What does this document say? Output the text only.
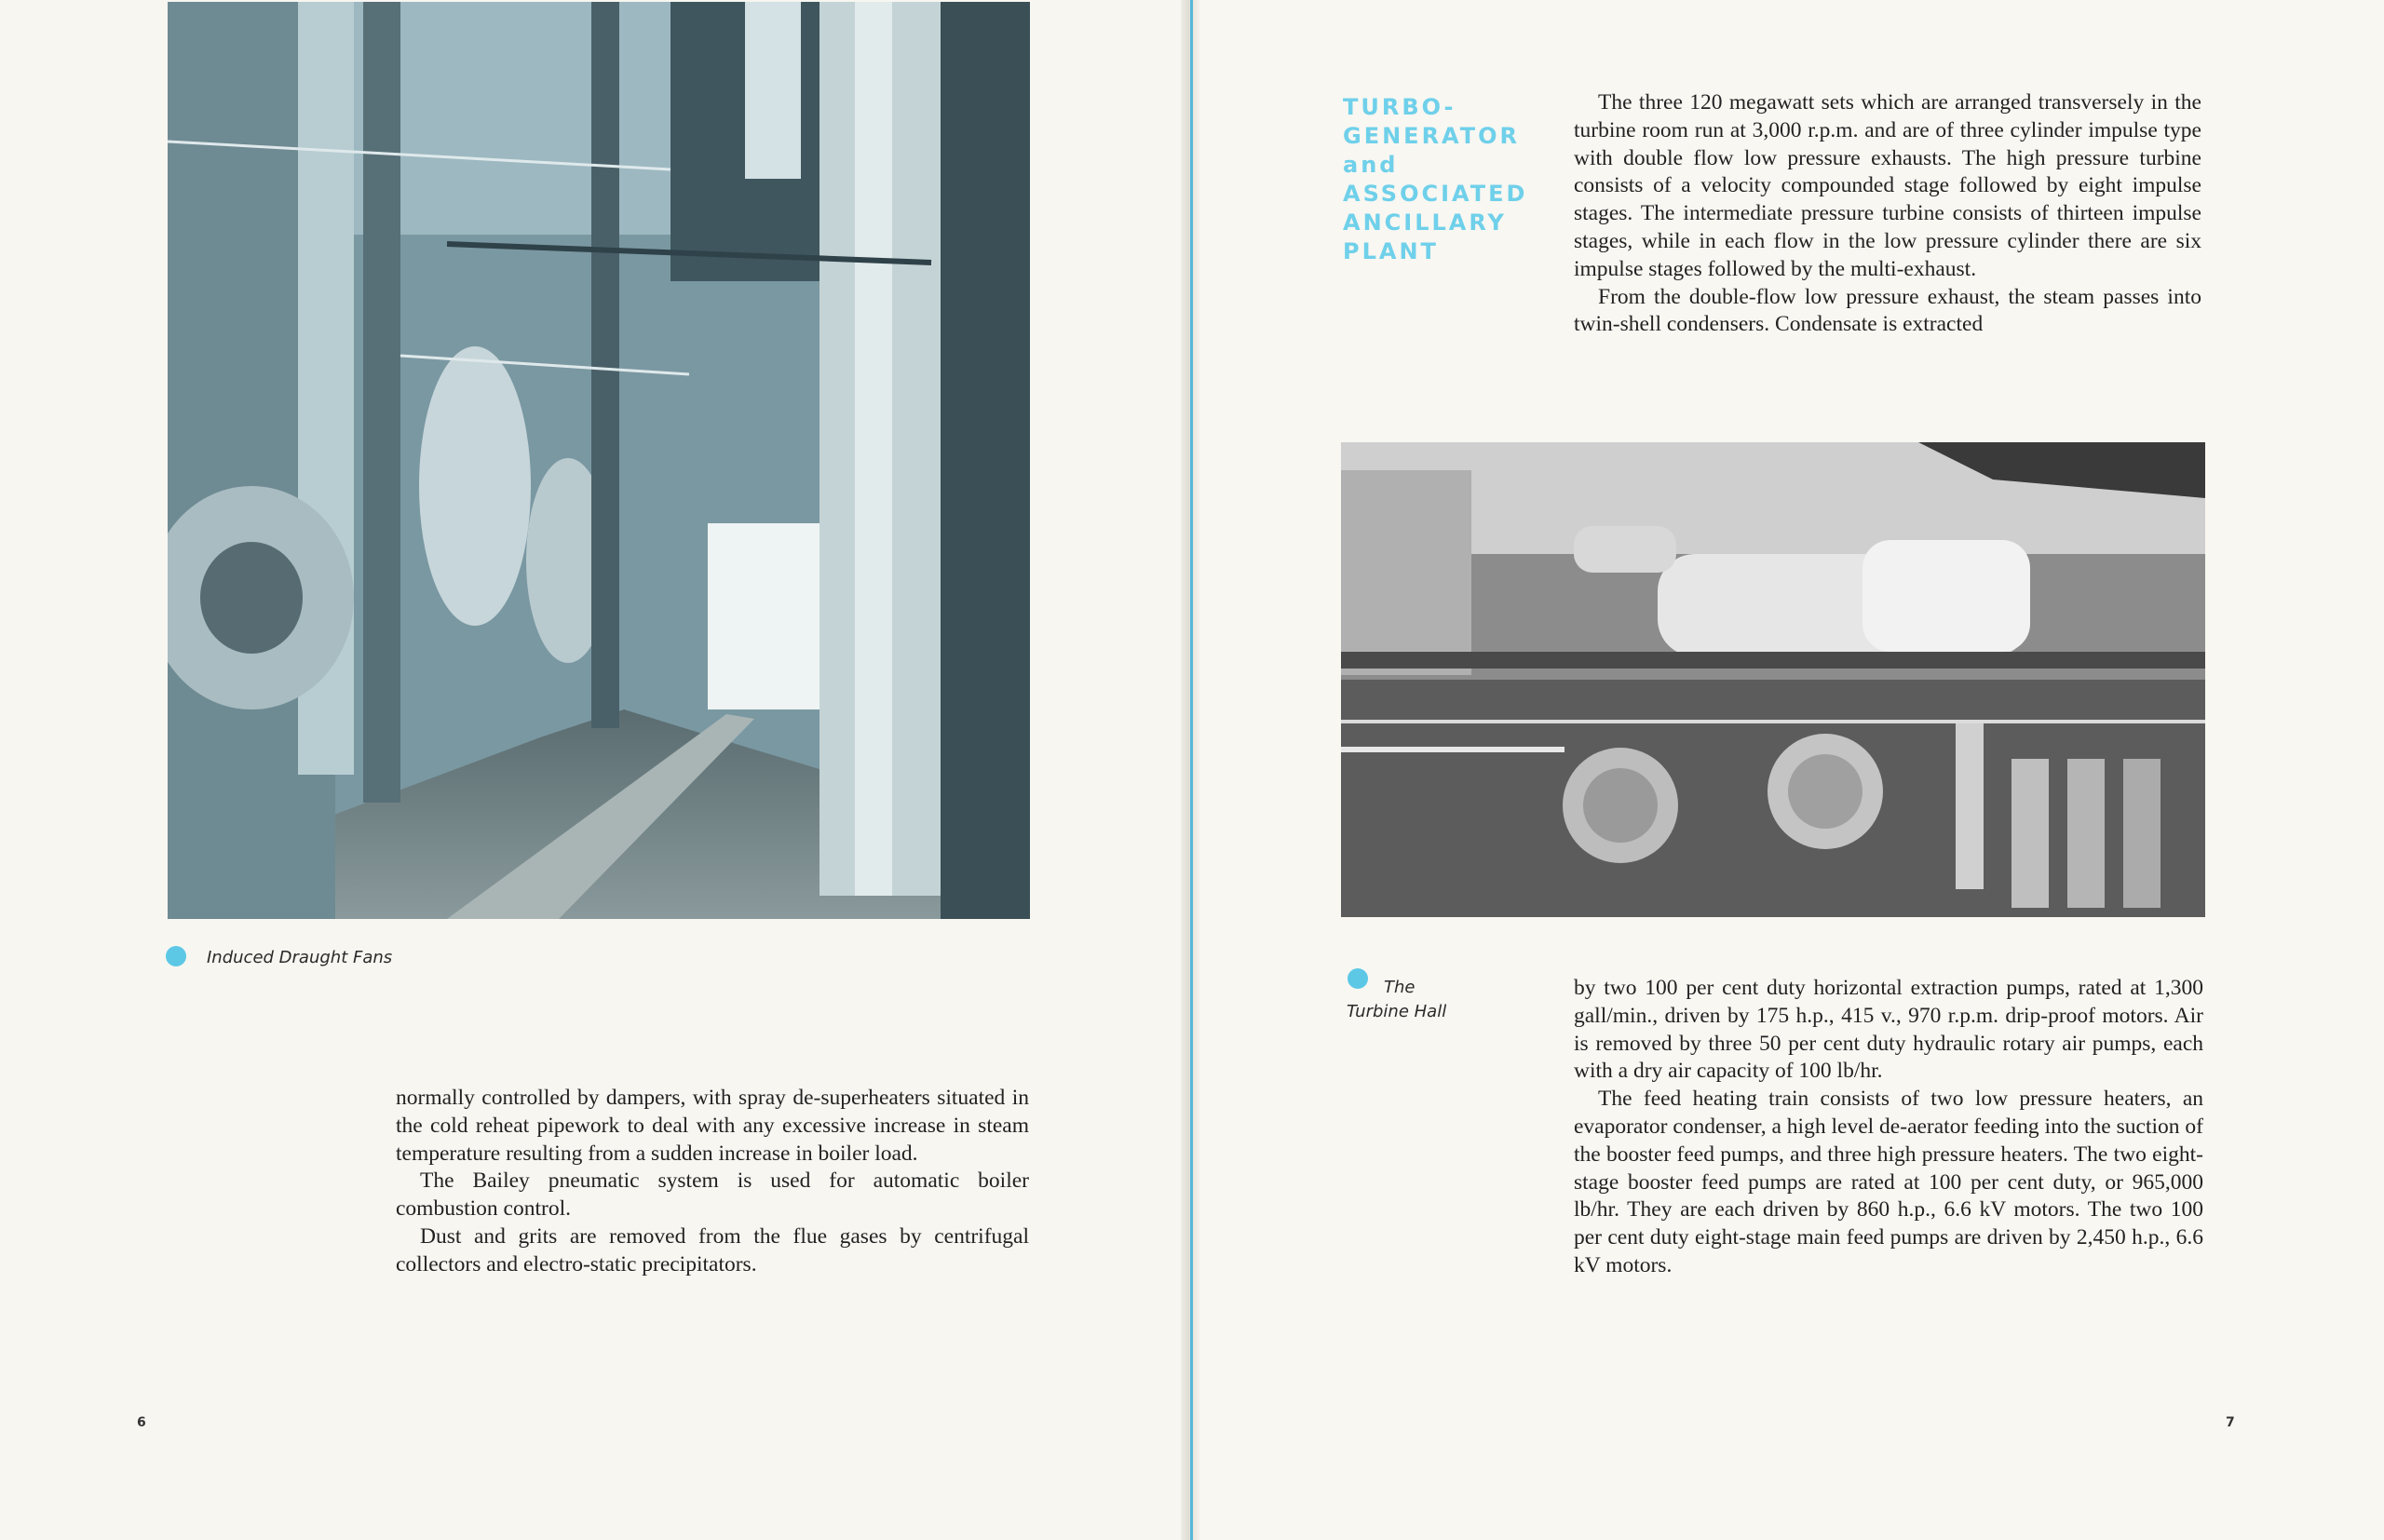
Induced Draught Fans

normally controlled by dampers, with spray de-superheaters situated in the cold reheat pipework to deal with any excessive increase in steam temperature resulting from a sudden increase in boiler load.

The Bailey pneumatic system is used for automatic boiler combustion control.

Dust and grits are removed from the flue gases by centrifugal collectors and electro-static precipitators.

6
TURBO-
GENERATOR
and
ASSOCIATED
ANCILLARY
PLANT

The three 120 megawatt sets which are arranged transversely in the turbine room run at 3,000 r.p.m. and are of three cylinder impulse type with double flow low pressure exhausts. The high pressure turbine consists of a velocity compounded stage followed by eight impulse stages. The intermediate pressure turbine consists of thirteen impulse stages, while in each flow in the low pressure cylinder there are six impulse stages followed by the multi-exhaust.

From the double-flow low pressure exhaust, the steam passes into twin-shell condensers. Condensate is extracted

The
Turbine Hall

by two 100 per cent duty horizontal extraction pumps, rated at 1,300 gall/min., driven by 175 h.p., 415 v., 970 r.p.m. drip-proof motors. Air is removed by three 50 per cent duty hydraulic rotary air pumps, each with a dry air capacity of 100 lb/hr.

The feed heating train consists of two low pressure heaters, an evaporator condenser, a high level de-aerator feeding into the suction of the booster feed pumps, and three high pressure heaters. The two eight-stage booster feed pumps are rated at 100 per cent duty, or 965,000 lb/hr. They are each driven by 860 h.p., 6.6 kV motors. The two 100 per cent duty eight-stage main feed pumps are driven by 2,450 h.p., 6.6 kV motors.

7
